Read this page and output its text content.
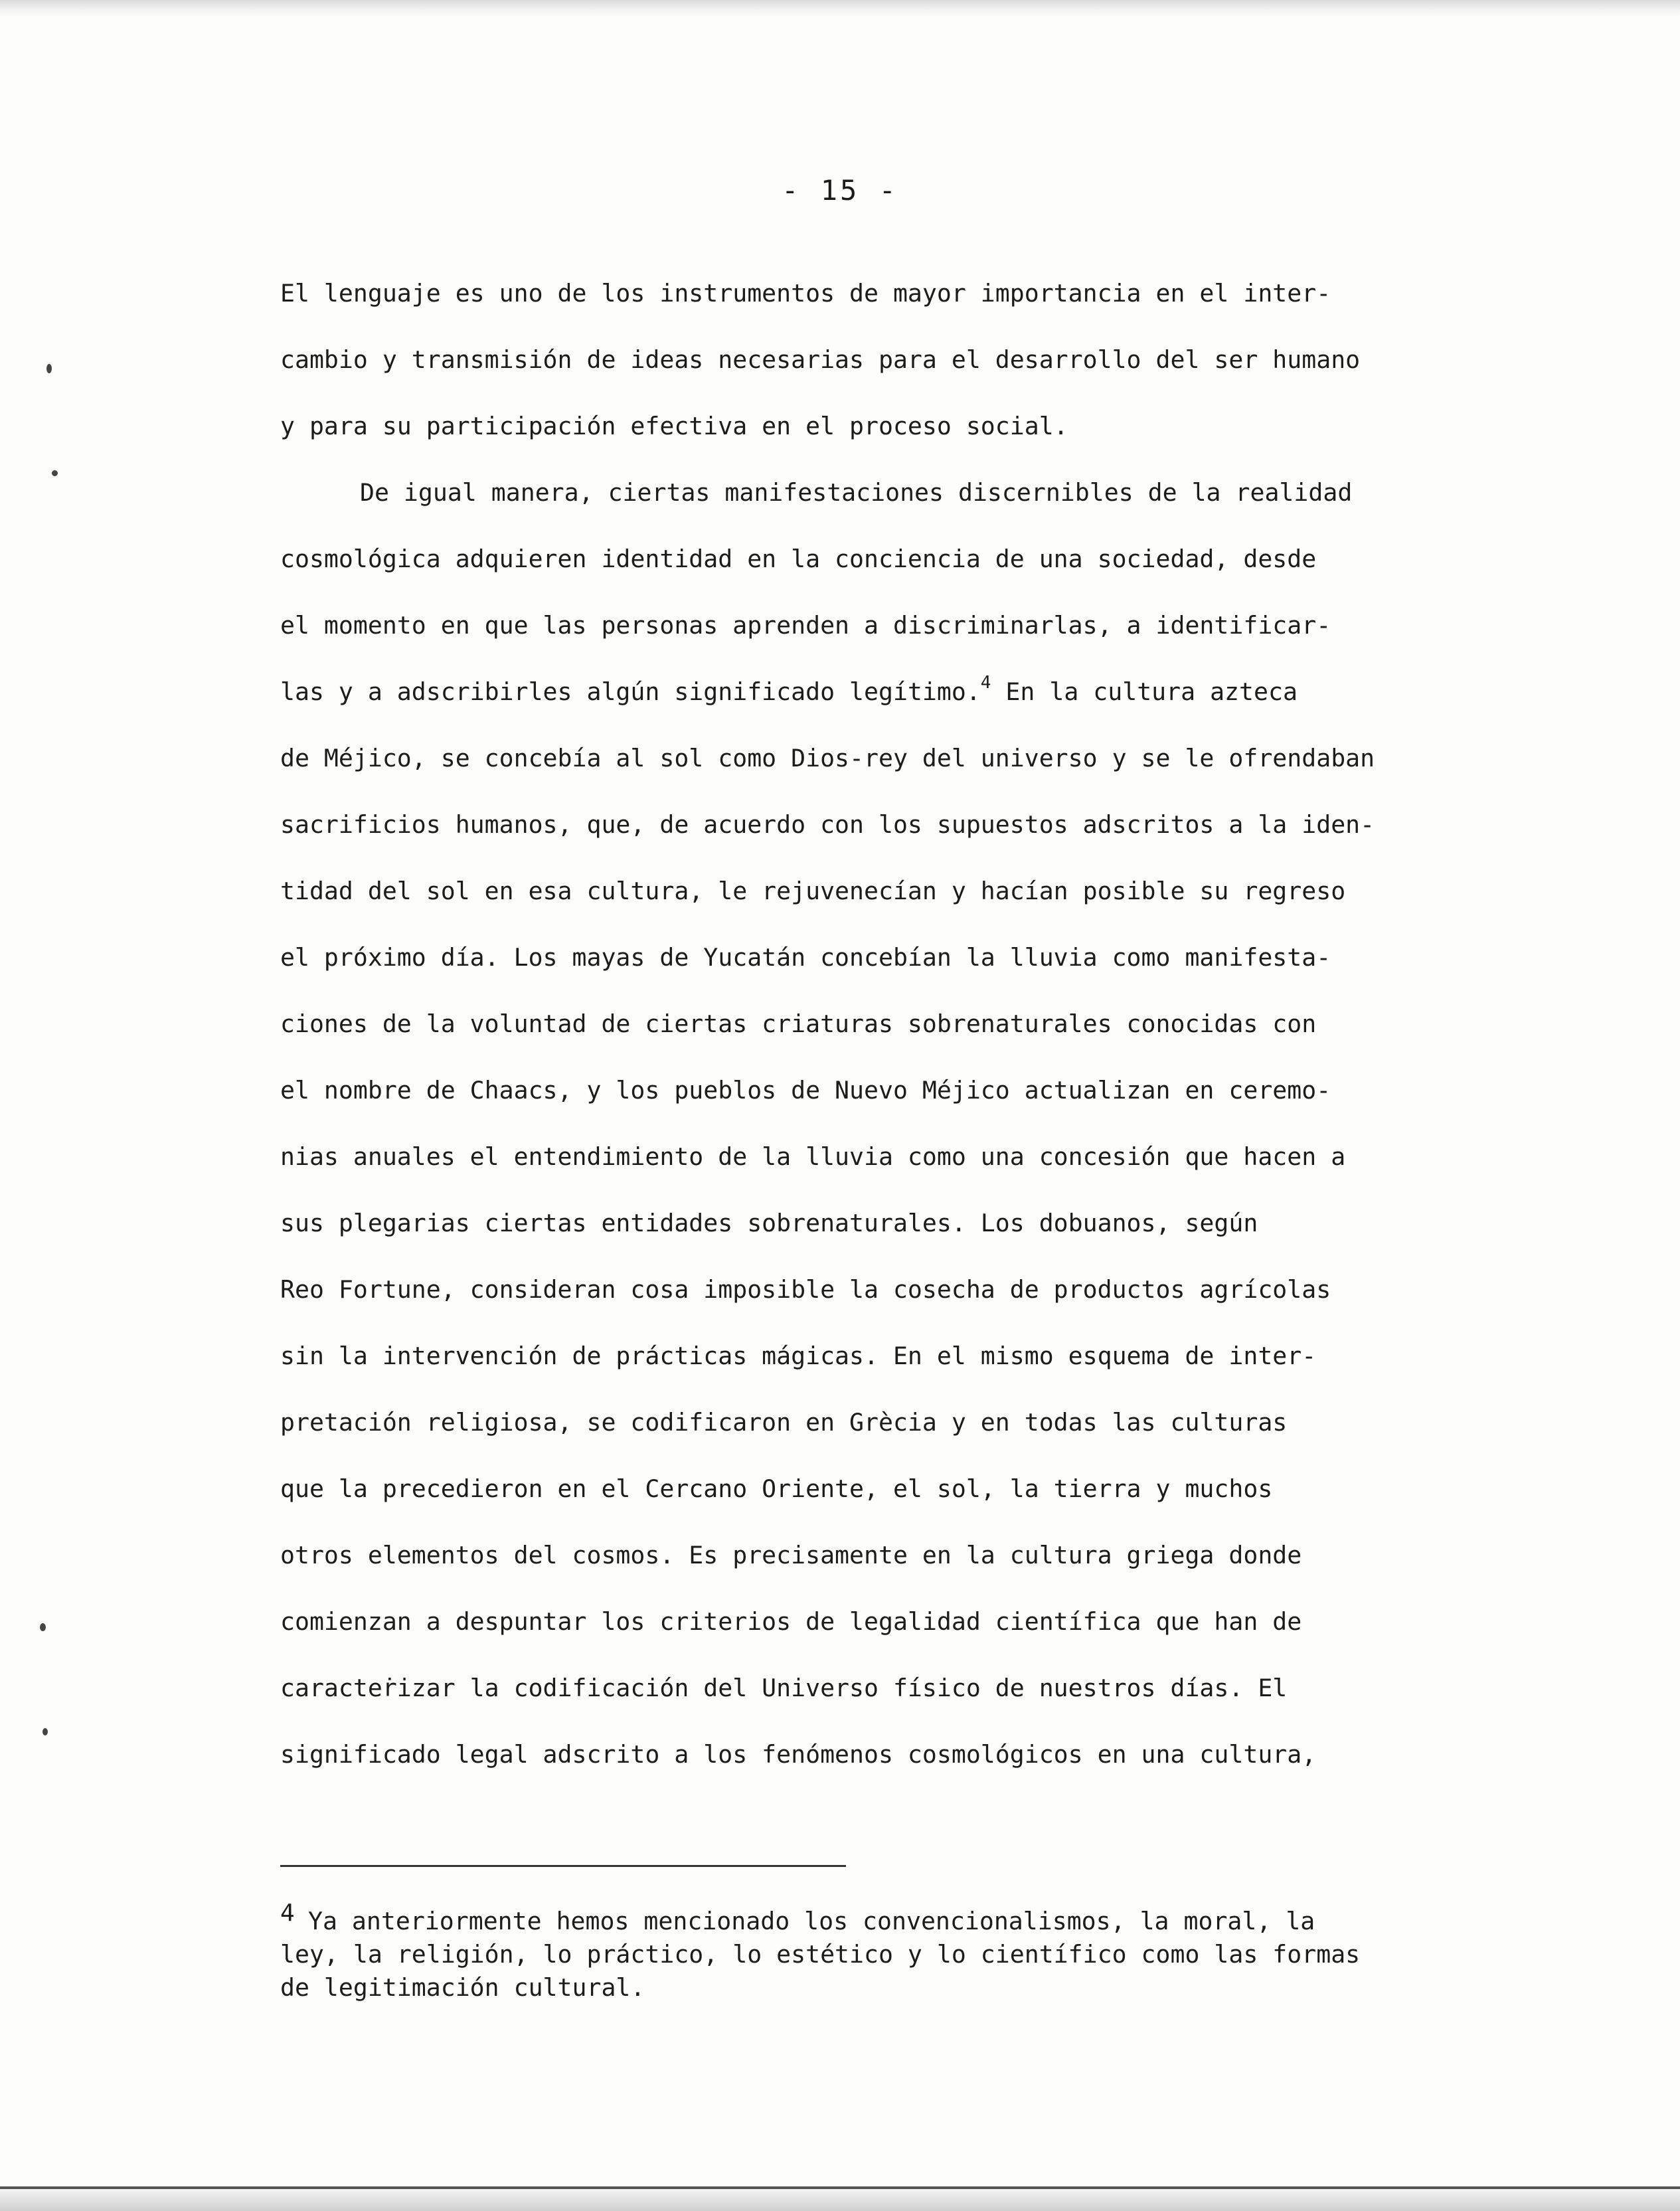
- 15 -
El lenguaje es uno de los instrumentos de mayor importancia en el inter-
cambio y transmisión de ideas necesarias para el desarrollo del ser humano
y para su participación efectiva en el proceso social.
De igual manera, ciertas manifestaciones discernibles de la realidad
cosmológica adquieren identidad en la conciencia de una sociedad, desde
el momento en que las personas aprenden a discriminarlas, a identificar-
las y a adscribirles algún significado legítimo.$^4$ En la cultura azteca
de Méjico, se concebía al sol como Dios-rey del universo y se le ofrendaban
sacrificios humanos, que, de acuerdo con los supuestos adscritos a la iden-
tidad del sol en esa cultura, le rejuvenecían y hacían posible su regreso
el próximo día. Los mayas de Yucatán concebían la lluvia como manifesta-
ciones de la voluntad de ciertas criaturas sobrenaturales conocidas con
el nombre de Chaacs, y los pueblos de Nuevo Méjico actualizan en ceremo-
nias anuales el entendimiento de la lluvia como una concesión que hacen a
sus plegarias ciertas entidades sobrenaturales. Los dobuanos, según
Reo Fortune, consideran cosa imposible la cosecha de productos agrícolas
sin la intervención de prácticas mágicas. En el mismo esquema de inter-
pretación religiosa, se codificaron en Grècia y en todas las culturas
que la precedieron en el Cercano Oriente, el sol, la tierra y muchos
otros elementos del cosmos. Es precisamente en la cultura griega donde
comienzan a despuntar los criterios de legalidad científica que han de
caracteṙizar la codificación del Universo físico de nuestros días. El
significado legal adscrito a los fenómenos cosmológicos en una cultura,
4 Ya anteriormente hemos mencionado los convencionalismos, la moral, la
ley, la religión, lo práctico, lo estético y lo científico como las formas
de legitimación cultural.
